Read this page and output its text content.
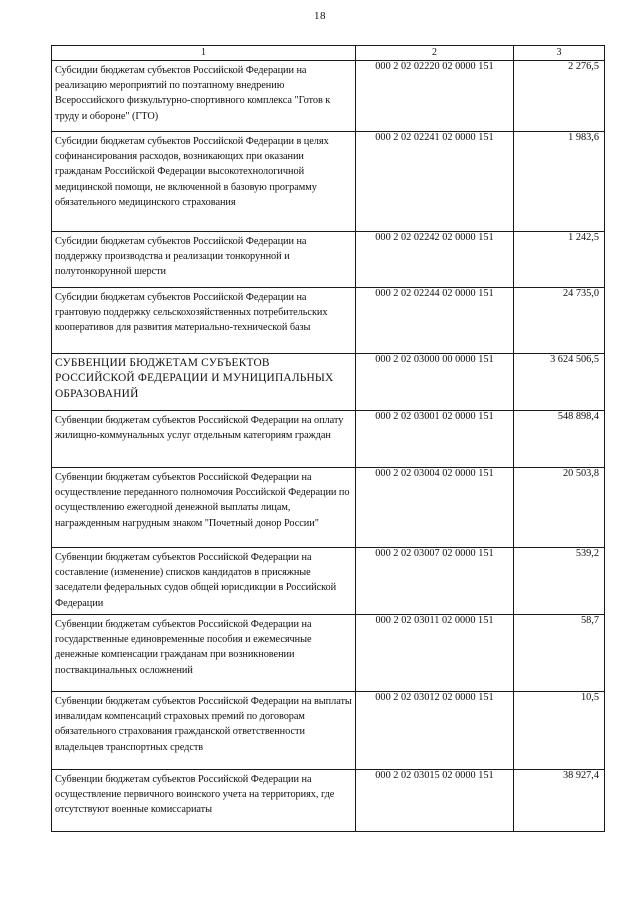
18
1	2	3

Субсидии бюджетам субъектов Российской Федерации на реализацию мероприятий по поэтапному внедрению Всероссийского физкультурно-спортивного комплекса "Готов к труду и обороне" (ГТО)	000 2 02 02220 02 0000 151	2 276,5

Субсидии бюджетам субъектов Российской Федерации в целях софинансирования расходов, возникающих при оказании гражданам Российской Федерации высокотехнологичной медицинской помощи, не включенной в базовую программу обязательного медицинского страхования	000 2 02 02241 02 0000 151	1 983,6

Субсидии бюджетам субъектов Российской Федерации на поддержку производства и реализации тонкорунной и полутонкорунной шерсти	000 2 02 02242 02 0000 151	1 242,5

Субсидии бюджетам субъектов Российской Федерации на грантовую поддержку сельскохозяйственных потребительских кооперативов для развития материально-технической базы	000 2 02 02244 02 0000 151	24 735,0

СУБВЕНЦИИ БЮДЖЕТАМ СУБЪЕКТОВ РОССИЙСКОЙ ФЕДЕРАЦИИ И МУНИЦИПАЛЬНЫХ ОБРАЗОВАНИЙ	000 2 02 03000 00 0000 151	3 624 506,5

Субвенции бюджетам субъектов Российской Федерации на оплату жилищно-коммунальных услуг отдельным категориям граждан	000 2 02 03001 02 0000 151	548 898,4

Субвенции бюджетам субъектов Российской Федерации на осуществление переданного полномочия Российской Федерации по осуществлению ежегодной денежной выплаты лицам, награжденным нагрудным знаком "Почетный донор России"	000 2 02 03004 02 0000 151	20 503,8

Субвенции бюджетам субъектов Российской Федерации на составление (изменение) списков кандидатов в присяжные заседатели федеральных судов общей юрисдикции в Российской Федерации	000 2 02 03007 02 0000 151	539,2

Субвенции бюджетам субъектов Российской Федерации на государственные единовременные пособия и ежемесячные денежные компенсации гражданам при возникновении поствакцинальных осложнений	000 2 02 03011 02 0000 151	58,7

Субвенции бюджетам субъектов Российской Федерации на выплаты инвалидам компенсаций страховых премий по договорам обязательного страхования гражданской ответственности владельцев транспортных средств	000 2 02 03012 02 0000 151	10,5

Субвенции бюджетам субъектов Российской Федерации на осуществление первичного воинского учета на территориях, где отсутствуют военные комиссариаты	000 2 02 03015 02 0000 151	38 927,4
